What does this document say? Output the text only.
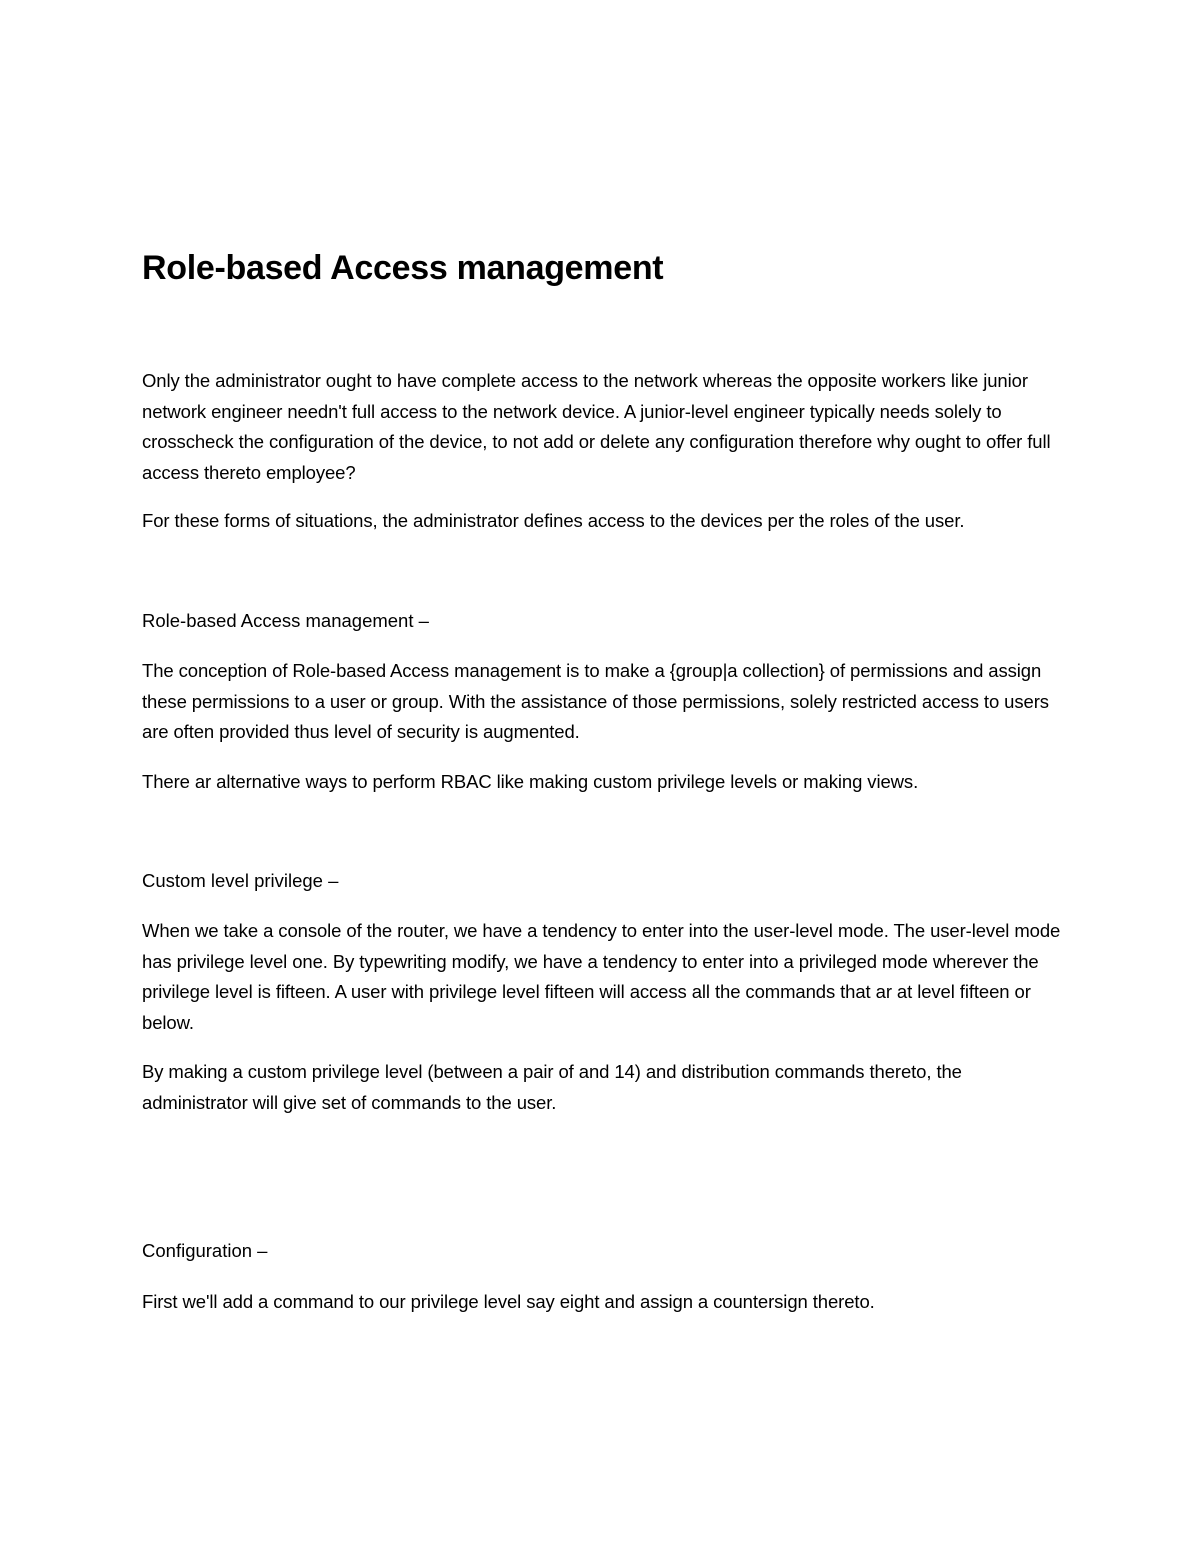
Role-based Access management

Only the administrator ought to have complete access to the network whereas the opposite workers like junior network engineer needn't full access to the network device. A junior-level engineer typically needs solely to crosscheck the configuration of the device, to not add or delete any configuration therefore why ought to offer full access thereto employee?

For these forms of situations, the administrator defines access to the devices per the roles of the user.

Role-based Access management –

The conception of Role-based Access management is to make a {group|a collection} of permissions and assign these permissions to a user or group. With the assistance of those permissions, solely restricted access to users are often provided thus level of security is augmented.

There ar alternative ways to perform RBAC like making custom privilege levels or making views.

Custom level privilege –

When we take a console of the router, we have a tendency to enter into the user-level mode. The user-level mode has privilege level one. By typewriting modify, we have a tendency to enter into a privileged mode wherever the privilege level is fifteen. A user with privilege level fifteen will access all the commands that ar at level fifteen or below.

By making a custom privilege level (between a pair of and 14) and distribution commands thereto, the administrator will give set of commands to the user.

Configuration –

First we'll add a command to our privilege level say eight and assign a countersign thereto.
